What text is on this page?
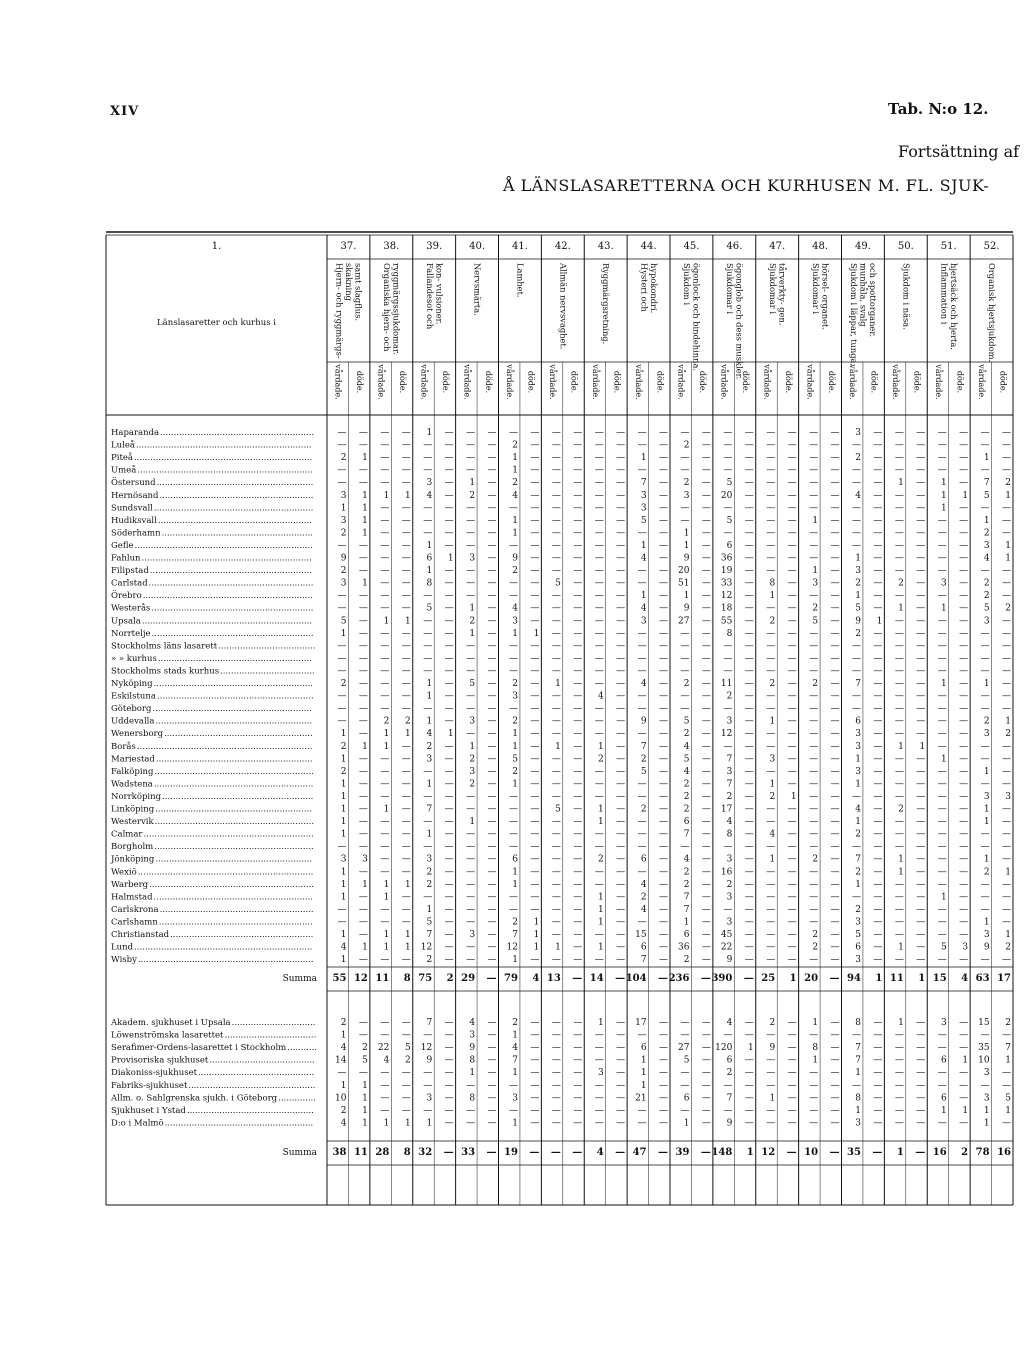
XIV	Tab. N:o 12.
Fortsättning af
Å LÄNSLASARETTERNA OCH KURHUSEN M. FL. SJUK-
1.
Länslasaretter och kurhus i
37.
Hjern- och ryggmärgs- skakning samt slagflus.
vårdade. döde.
38.
Organiska hjern- och ryggmärgssjukdomar.
vårdade. döde.
39.
Fallandesot och kon- vulsioner.
vårdade. döde.
40.
Nervsmärta.
vårdade. döde.
41.
Lamhet.
vårdade. döde.
42.
Allmän nervsvaghet.
vårdade. döde.
43.
Ryggmärgsretning.
vårdade. döde.
44.
Hysteri och hypokondri.
vårdade. döde.
45.
Sjukdom i ögonlock och bindehinna.
vårdade. döde.
46.
Sjukdomar i ögonglob och dess muskler.
vårdade. döde.
47.
Sjukdomar i tårverkty- gen.
vårdade. döde.
48.
Sjukdomar i hörsel- organet.
vårdade. döde.
49.
Sjukdom i läppar, tunga, munhåla, svalg och spottorganer.
vårdade. döde.
50.
Sjukdom i näsa.
vårdade. döde.
51.
Inflammation i hjertsäck och hjerta.
vårdade. döde.
52.
Organisk hjertsjukdom.
vårdade. döde.
Haparanda .........................................................	— — — — 1 — — — — — — — — — — — — — — — — — — — 3 — — — — — — —
Luleå .................................................................	— — — — — — — — 2 — — — — — — — 2 — — — — — — — — — — — — — — —
Piteå ..................................................................	2 1 — — — — — — 1 — — — — — 1 — — — — — — — — — 2 — — — — — 1 —
Umeå .................................................................	— — — — — — — — 1 — — — — — — — — — — — — — — — — — — — — — — —
Östersund ..........................................................	— — — — 3 — 1 — 2 — — — — — 7 — 2 — 5 — — — — — — — 1 — 1 — 7 2
Hernösand .........................................................	3 1 1 1 4 — 2 — 4 — — — — — 3 — 3 — 20 — — — — — 4 — — — 1 1 5 1
Sundsvall ...........................................................	1 1 — — — — — — — — — — — — 3 — — — — — — — — — — — — — 1 — — —
Hudiksvall .........................................................	3 1 — — — — — — 1 — — — — — 5 — — — 5 — — — 1 — — — — — — — 1 —
Söderhamn ........................................................	2 1 — — — — — — 1 — — — — — — — 1 — — — — — — — — — — — — — 2 —
Gefle ..................................................................	— — — — 1 — — — — — — — — — 1 — 1 — 6 — — — — — — — — — — — 3 1
Fahlun ...............................................................	9 — — — 6 1 3 — 9 — — — — — 4 — 9 — 36 — — — — — 1 — — — — — 4 1
Filipstad ............................................................	2 — — — 1 — — — 2 — — — — — — — 20 — 19 — — — 1 — 3 — — — — — — —
Carlstad .............................................................	3 1 — — 8 — — — — — 5 — — — — — 51 — 33 — 8 — 3 — 2 — 2 — 3 — 2 —
Örebro ...............................................................	— — — — — — — — — — — — — — 1 — 1 — 12 — 1 — — — 1 — — — — — 2 —
Westerås ............................................................	— — — — 5 — 1 — 4 — — — — — 4 — 9 — 18 — — — 2 — 5 — 1 — 1 — 5 2
Upsala ...............................................................	5 — 1 1 — — 2 — 3 — — — — — 3 — 27 — 55 — 2 — 5 — 9 1 — — — — 3 —
Norrtelje ............................................................	1 — — — — — 1 — 1 1 — — — — — — — — 8 — — — — — 2 — — — — — — —
Stockholms läns lasarett .................................... — — — — — — — — — — — — — — — — — — — — — — — — — — — — — — — —
» » kurhus .........................................................	— — — — — — — — — — — — — — — — — — — — — — — — — — — — — — — —
Stockholms stads kurhus ...................................	— — — — — — — — — — — — — — — — — — — — — — — — — — — — — — — —
Nyköping ...........................................................	2 — — — 1 — 5 — 2 — 1 — — — 4 — 2 — 11 — 2 — 2 — 7 — — — 1 — 1 —
Eskilstuna ..........................................................	— — — — 1 — — — 3 — — — 4 — — — — — 2 — — — — — — — — — — — — —
Göteborg ...........................................................	— — — — — — — — — — — — — — — — — — — — — — — — — — — — — — — —
Uddevalla ..........................................................	— — 2 2 1 — 3 — 2 — — — — — 9 — 5 — 3 — 1 — — — 6 — — — — — 2 1
Wenersborg .......................................................	1 — 1 1 4 1 — — 1 — — — — — — — 2 — 12 — — — — — 3 — — — — — 3 2
Borås .................................................................	2 1 1 — 2 — 1 — 1 — 1 — 1 — 7 — 4 — — — — — — — 3 — 1 1 — — — —
Mariestad ..........................................................	1 — — — 3 — 2 — 5 — — — 2 — 2 — 5 — 7 — 3 — — — 1 — — — 1 — — —
Falköping ...........................................................	2 — — — — — 3 — 2 — — — — — 5 — 4 — 3 — — — — — 3 — — — — — 1 —
Wadstena ...........................................................	1 — — — 1 — 2 — 1 — — — — — — — 2 — 7 — 1 — — — 1 — — — — — — —
Norrköping ........................................................	1 — — — — — — — — — — — — — — — 2 — 2 — 2 1 — — — — — — — — 3 3
Linköping ..........................................................	1 — 1 — 7 — — — — — 5 — 1 — 2 — 2 — 17 — — — — — 4 — 2 — — — 1 —
Westervik ...........................................................	1 — — — — — 1 — — — — — 1 — — — 6 — 4 — — — — — 1 — — — — — 1 —
Calmar ...............................................................	1 — — — 1 — — — — — — — — — — — 7 — 8 — 4 — — — 2 — — — — — — —
Borgholm ...........................................................	— — — — — — — — — — — — — — — — — — — — — — — — — — — — — — — —
Jönköping ..........................................................	3 3 — — 3 — — — 6 — — — 2 — 6 — 4 — 3 — 1 — 2 — 7 — 1 — — — 1 —
Wexiö .................................................................	1 — — — 2 — — — 1 — — — — — — — 2 — 16 — — — — — 2 — 1 — — — 2 1
Warberg .............................................................	1 1 1 1 2 — — — 1 — — — — — 4 — 2 — 2 — — — — — 1 — — — — — — —
Halmstad ...........................................................	1 — 1 — — — — — — — — — 1 — 2 — 7 — 3 — — — — — — — — — 1 — — —
Carlskrona .........................................................	— — — — 1 — — — — — — — 1 — 4 — 7 — — — — — — — 2 — — — — — — —
Carlshamn .........................................................	— — — — 5 — — — 2 1 — — 1 — — — 1 — 3 — — — — — 3 — — — — — 1 —
Christianstad .....................................................	1 — 1 1 7 — 3 — 7 1 — — — — 15 — 6 — 45 — — — 2 — 5 — — — — — 3 1
Lund ..................................................................	4 1 1 1 12 — — — 12 1 1 — 1 — 6 — 36 — 22 — — — 2 — 6 — 1 — 5 3 9 2
Wisby .................................................................	1 — — — 2 — — — 1 — — — — — 7 — 2 — 9 — — — — — 3 — — — — — — —
Summa 55 12 11 8 75 2 29 — 79 4 13 — 14 — 104 — 236 — 390 — 25 1 20 — 94 1 11 1 15 4 63 17
Akadem. sjukhuset i Upsala ...............................	2 — — — 7 — 4 — 2 — — — 1 — 17 — — — 4 — 2 — 1 — 8 — 1 — 3 — 15 2
Löwenströmska lasarettet ..................................	1 — — — — — 3 — 1 — — — — — — — — — — — — — — — — — — — — — — —
Serafimer-Ordens-lasarettet i Stockholm ...........	4 2 22 5 12 — 9 — 4 — — — — — 6 — 27 — 120 1 9 — 8 — 7 — — — — — 35 7
Provisoriska sjukhuset ....................................... 14 5 4 2 9 — 8 — 7 — — — — — 1 — 5 — 6 — — — 1 — 7 — — — 6 1 10 1
Diakoniss-sjukhuset ...........................................	— — — — — — 1 — 1 — — — 3 — 1 — — — 2 — — — — — 1 — — — — — 3 —
Fabriks-sjukhuset ...............................................	1 1 — — — — — — — — — — — — 1 — — — — — — — — — — — — — — — — —
Allm. o. Sahlgrenska sjukh. i Göteborg .............. 10 1 — — 3 — 8 — 3 — — — — — 21 — 6 — 7 — 1 — — — 8 — — — 6 — 3 5
Sjukhuset i Ystad ...............................................	2 1 — — — — — — — — — — — — — — — — — — — — — — 1 — — — 1 1 1 1
D:o i Malmö .......................................................	4 1 1 1 1 — — — 1 — — — — — — — 1 — 9 — — — — — 3 — — — — — 1 —
Summa 38 11 28 8 32 — 33 — 19 — — — 4 — 47 — 39 — 148 1 12 — 10 — 35 — 1 — 16 2 78 16
